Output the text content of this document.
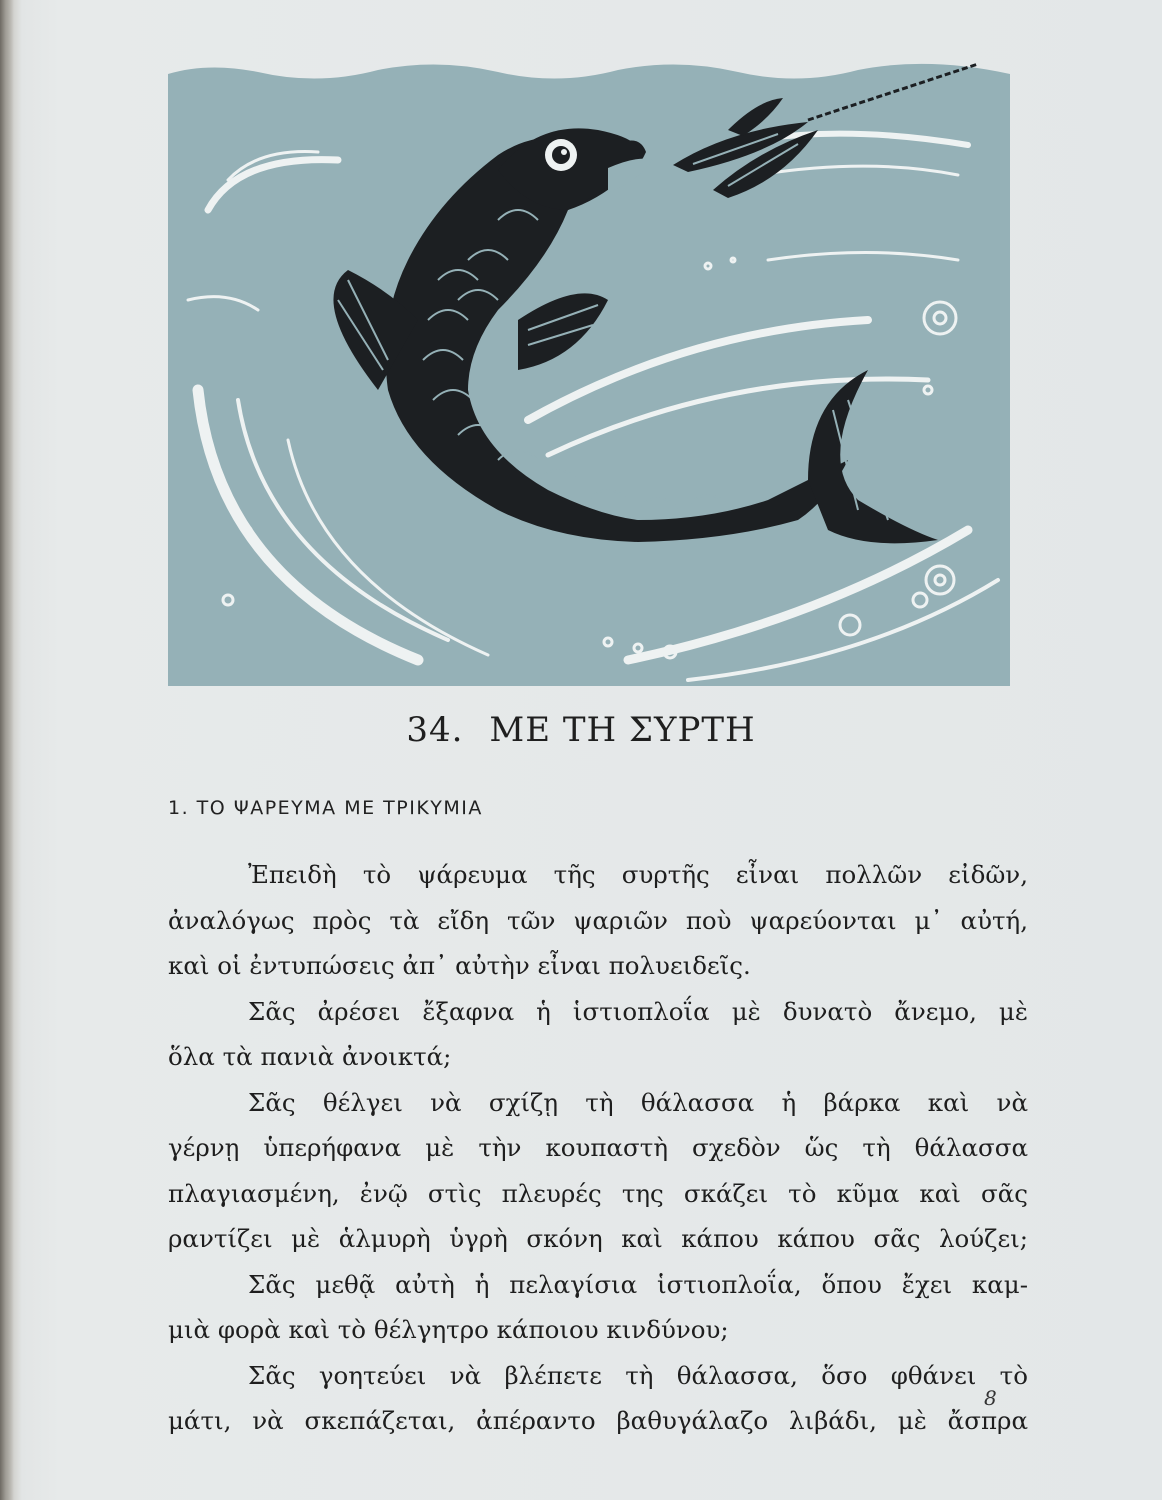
34. ΜΕ ΤΗ ΣΥΡΤΗ
1. ΤΟ ΨΑΡΕΥΜΑ ΜΕ ΤΡΙΚΥΜΙΑ
Ἐπειδὴ τὸ ψάρευμα τῆς συρτῆς εἶναι πολλῶν εἰδῶν,
ἀναλόγως πρὸς τὰ εἴδη τῶν ψαριῶν ποὺ ψαρεύονται μ᾽ αὐτή,
καὶ οἱ ἐντυπώσεις ἀπ᾽ αὐτὴν εἶναι πολυειδεῖς.
Σᾶς ἀρέσει ἔξαφνα ἡ ἱστιοπλοΐα μὲ δυνατὸ ἄνεμο, μὲ
ὅλα τὰ πανιὰ ἀνοικτά;
Σᾶς θέλγει νὰ σχίζῃ τὴ θάλασσα ἡ βάρκα καὶ νὰ
γέρνῃ ὑπερήφανα μὲ τὴν κουπαστὴ σχεδὸν ὥς τὴ θάλασσα
πλαγιασμένη, ἐνῷ στὶς πλευρές της σκάζει τὸ κῦμα καὶ σᾶς
ραντίζει μὲ ἁλμυρὴ ὑγρὴ σκόνη καὶ κάπου κάπου σᾶς λούζει;
Σᾶς μεθᾷ αὐτὴ ἡ πελαγίσια ἱστιοπλοΐα, ὅπου ἔχει καμ-
μιὰ φορὰ καὶ τὸ θέλγητρο κάποιου κινδύνου;
Σᾶς γοητεύει νὰ βλέπετε τὴ θάλασσα, ὅσο φθάνει τὸ
μάτι, νὰ σκεπάζεται, ἀπέραντο βαθυγάλαζο λιβάδι, μὲ ἄσπρα
8
